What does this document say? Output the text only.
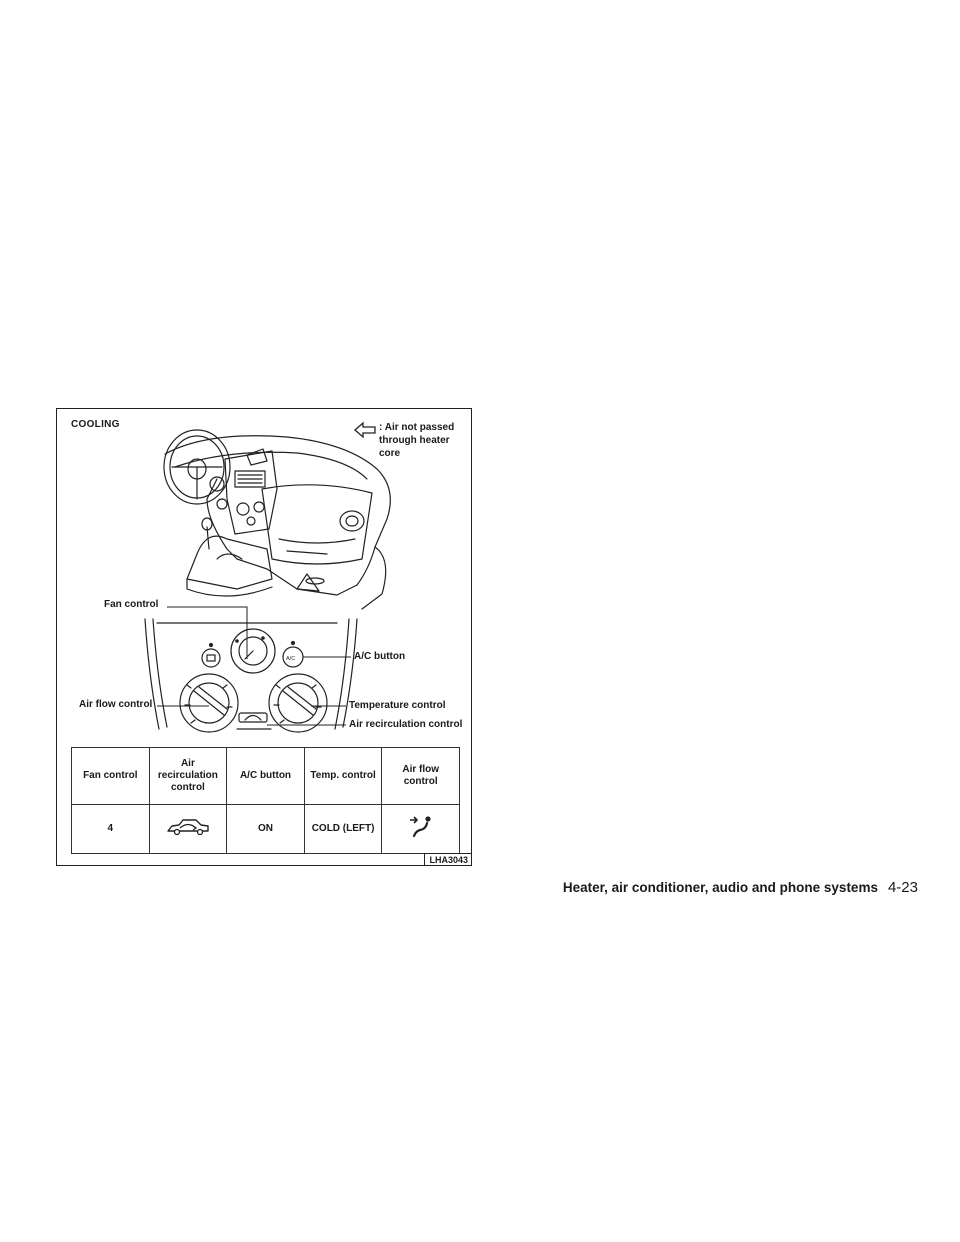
COOLING	: Air not passed through heater core
A/C
Fan control
A/C button
Air flow control	Temperature control
Air recirculation control
Fan control	Air recirculation control	A/C button	Temp. control	Air flow control
4		ON	COLD (LEFT)	
LHA3043
Heater, air conditioner, audio and phone systems 4-23
